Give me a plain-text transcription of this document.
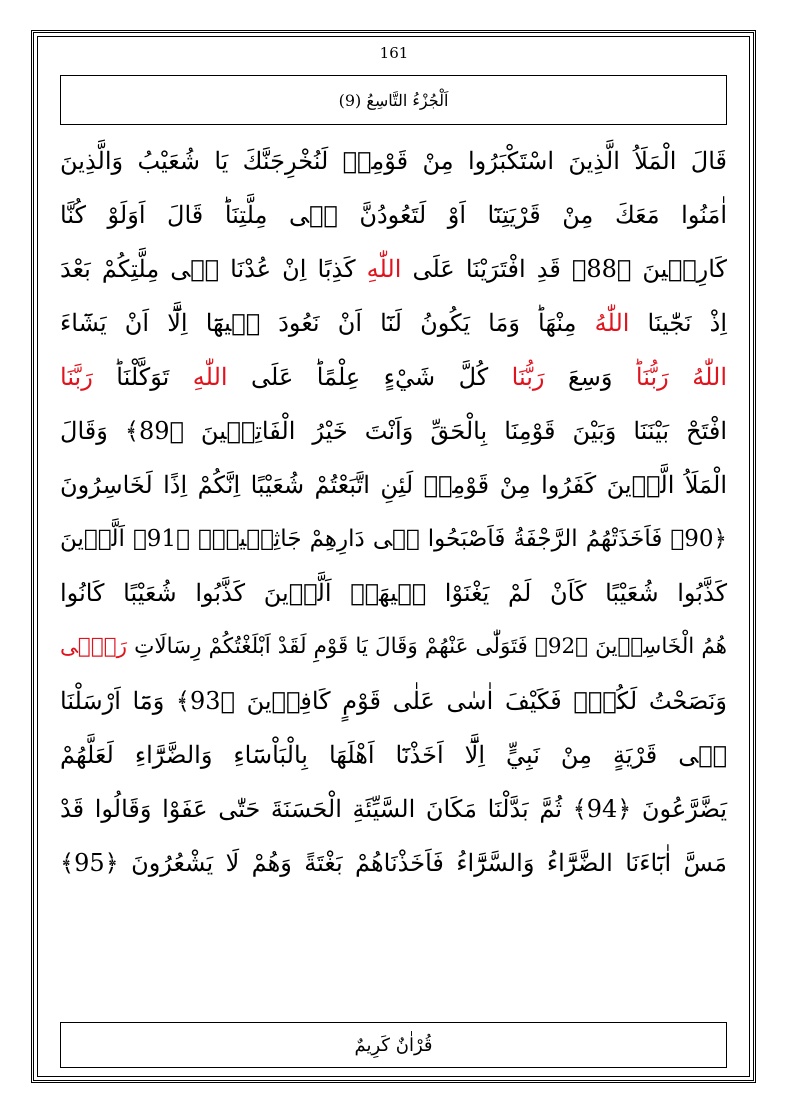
161
اَلْجُزْءُ التَّاسِعُ (9)
قَالَ الْمَلَاُ الَّذِينَ اسْتَكْبَرُوا مِنْ قَوْمِهٖ لَنُخْرِجَنَّكَ يَا شُعَيْبُ وَالَّذِينَ
اٰمَنُوا مَعَكَ مِنْ قَرْيَتِنَٓا اَوْ لَتَعُودُنَّ فٖى مِلَّتِنَاؕ قَالَ اَوَلَوْ كُنَّا
كَارِهٖينَ ﴿88﴾ قَدِ افْتَرَيْنَا عَلَى اللّٰهِ كَذِبًا اِنْ عُدْنَا فٖى مِلَّتِكُمْ بَعْدَ
اِذْ نَجّٰينَا اللّٰهُ مِنْهَاؕ وَمَا يَكُونُ لَنَٓا اَنْ نَعُودَ فٖيهَٓا اِلَّٓا اَنْ يَشَٓاءَ
اللّٰهُ رَبُّنَاؕ وَسِعَ رَبُّنَا كُلَّ شَيْءٍ عِلْمًاؕ عَلَى اللّٰهِ تَوَكَّلْنَاؕ رَبَّنَا
افْتَحْ بَيْنَنَا وَبَيْنَ قَوْمِنَا بِالْحَقِّ وَاَنْتَ خَيْرُ الْفَاتِحٖينَ ﴿89﴾ وَقَالَ
الْمَلَاُ الَّذٖينَ كَفَرُوا مِنْ قَوْمِهٖ لَئِنِ اتَّبَعْتُمْ شُعَيْبًا اِنَّكُمْ اِذًا لَخَاسِرُونَ
﴿90﴾ فَاَخَذَتْهُمُ الرَّجْفَةُ فَاَصْبَحُوا فٖى دَارِهِمْ جَاثِمٖينَۚ ﴿91﴾ اَلَّذٖينَ
كَذَّبُوا شُعَيْبًا كَاَنْ لَمْ يَغْنَوْا فٖيهَاۚ اَلَّذٖينَ كَذَّبُوا شُعَيْبًا كَانُوا
هُمُ الْخَاسِرٖينَ ﴿92﴾ فَتَوَلّٰى عَنْهُمْ وَقَالَ يَا قَوْمِ لَقَدْ اَبْلَغْتُكُمْ رِسَالَاتِ رَبّٖى
وَنَصَحْتُ لَكُمْۚ فَكَيْفَ اٰسٰى عَلٰى قَوْمٍ كَافِرٖينَ ﴿93﴾ وَمَٓا اَرْسَلْنَا
فٖى قَرْيَةٍ مِنْ نَبِيٍّ اِلَّٓا اَخَذْنَٓا اَهْلَهَا بِالْبَاْسَٓاءِ وَالضَّرَّٓاءِ لَعَلَّهُمْ
يَضَّرَّعُونَ ﴿94﴾ ثُمَّ بَدَّلْنَا مَكَانَ السَّيِّئَةِ الْحَسَنَةَ حَتّٰى عَفَوْا وَقَالُوا قَدْ
مَسَّ اٰبَٓاءَنَا الضَّرَّٓاءُ وَالسَّرَّٓاءُ فَاَخَذْنَاهُمْ بَغْتَةً وَهُمْ لَا يَشْعُرُونَ ﴿95﴾
قُرْاٰنٌ كَرِيمٌ
